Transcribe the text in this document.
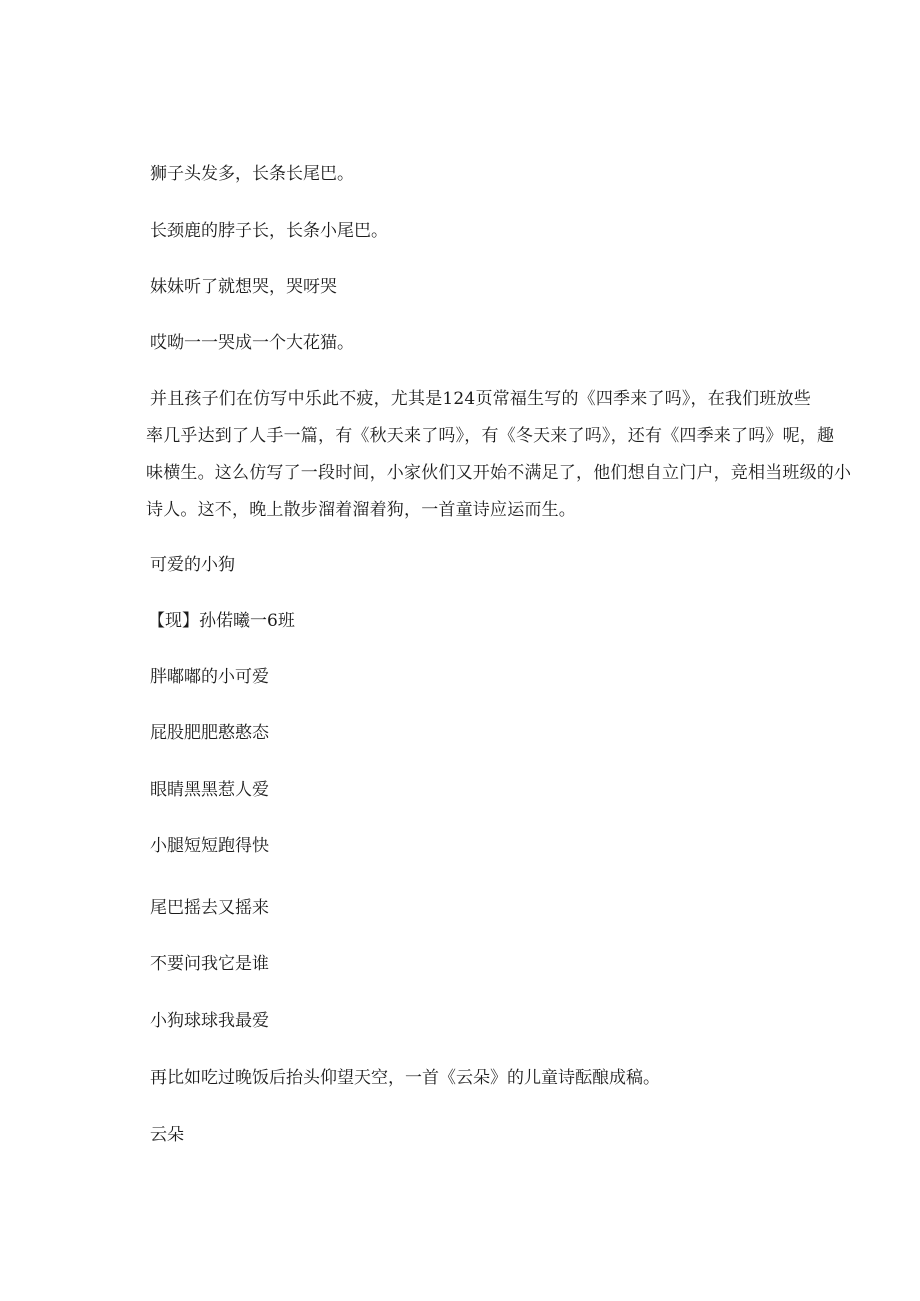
狮子头发多，长条长尾巴。
长颈鹿的脖子长，长条小尾巴。
妹妹听了就想哭，哭呀哭
哎呦一一哭成一个大花猫。
并且孩子们在仿写中乐此不疲，尤其是124页常福生写的《四季来了吗》，在我们班放些
率几乎达到了人手一篇，有《秋天来了吗》，有《冬天来了吗》，还有《四季来了吗》呢，趣
味横生。这么仿写了一段时间，小家伙们又开始不满足了，他们想自立门户，竞相当班级的小
诗人。这不，晚上散步溜着溜着狗，一首童诗应运而生。
可爱的小狗
【现】孙偌曦一6班
胖嘟嘟的小可爱
屁股肥肥憨憨态
眼睛黑黑惹人爱
小腿短短跑得快
尾巴摇去又摇来
不要问我它是谁
小狗球球我最爱
再比如吃过晚饭后抬头仰望天空，一首《云朵》的儿童诗酝酿成稿。
云朵
